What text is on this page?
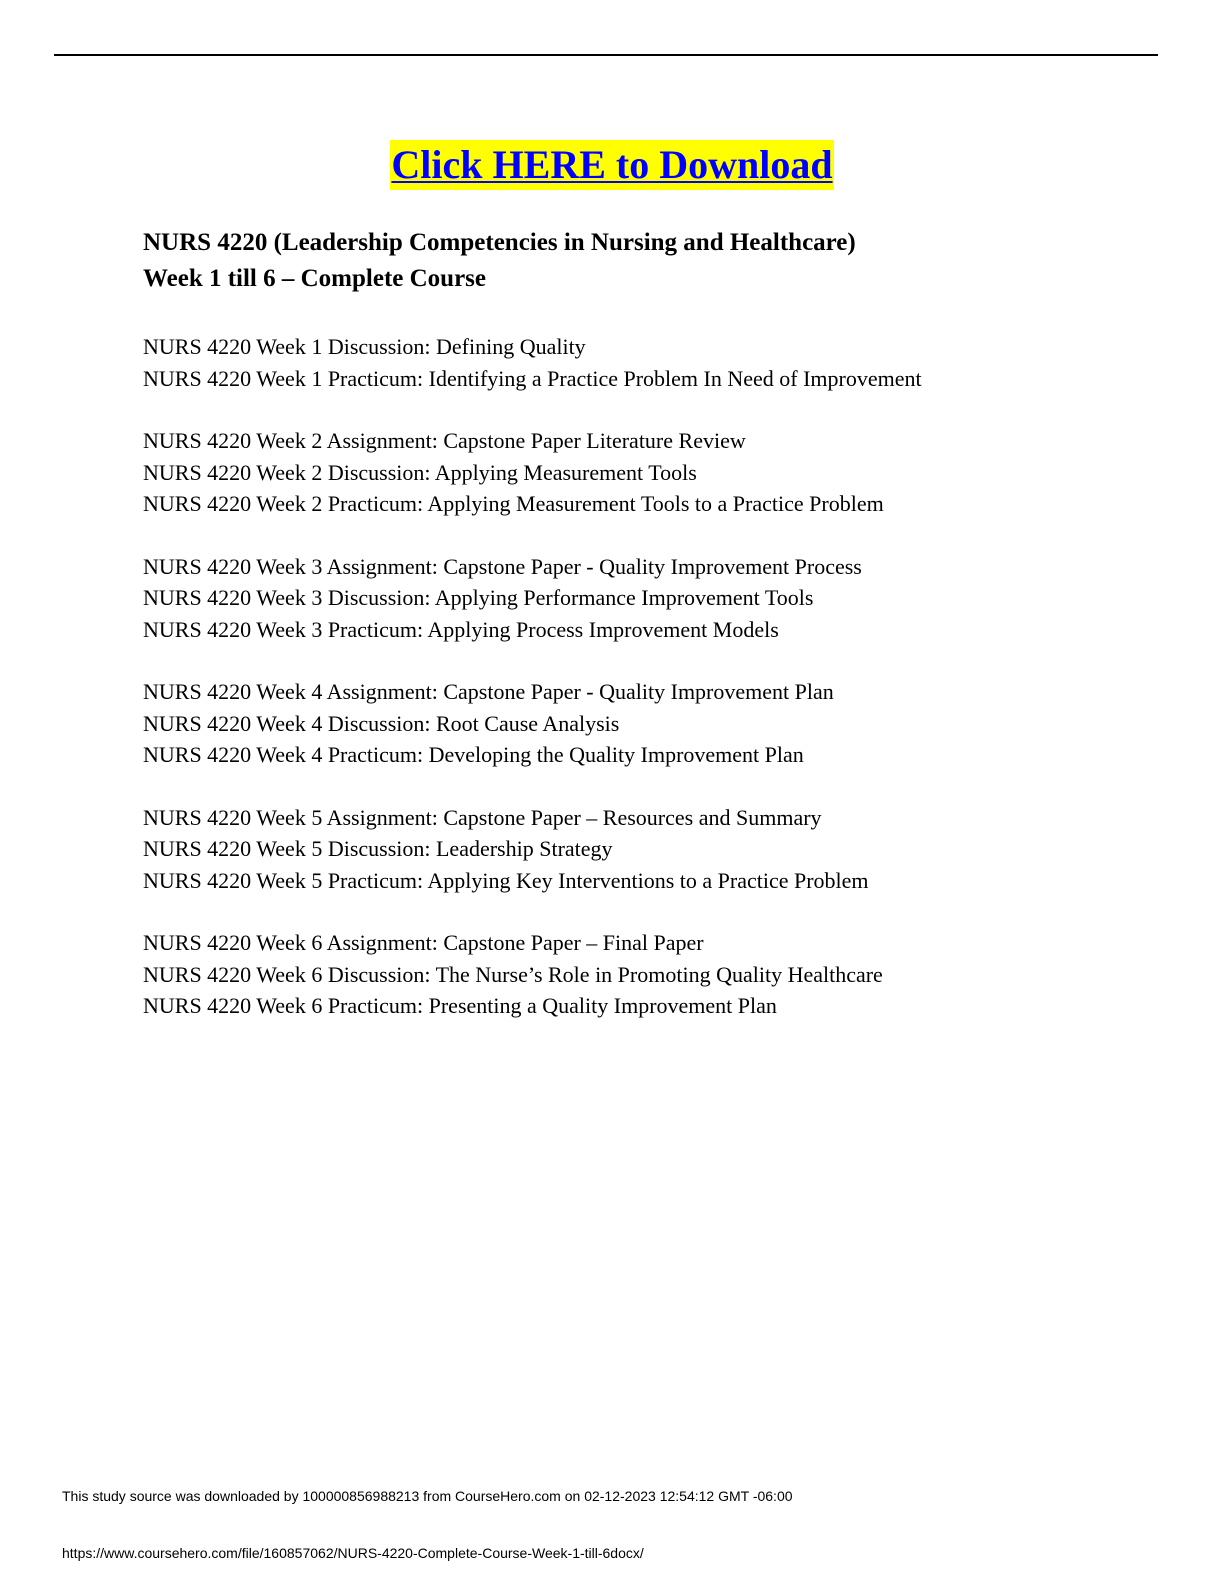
Click HERE to Download
NURS 4220 (Leadership Competencies in Nursing and Healthcare)
Week 1 till 6 – Complete Course
NURS 4220 Week 1 Discussion: Defining Quality
NURS 4220 Week 1 Practicum: Identifying a Practice Problem In Need of Improvement
NURS 4220 Week 2 Assignment: Capstone Paper Literature Review
NURS 4220 Week 2 Discussion: Applying Measurement Tools
NURS 4220 Week 2 Practicum: Applying Measurement Tools to a Practice Problem
NURS 4220 Week 3 Assignment: Capstone Paper - Quality Improvement Process
NURS 4220 Week 3 Discussion: Applying Performance Improvement Tools
NURS 4220 Week 3 Practicum: Applying Process Improvement Models
NURS 4220 Week 4 Assignment: Capstone Paper - Quality Improvement Plan
NURS 4220 Week 4 Discussion: Root Cause Analysis
NURS 4220 Week 4 Practicum: Developing the Quality Improvement Plan
NURS 4220 Week 5 Assignment: Capstone Paper – Resources and Summary
NURS 4220 Week 5 Discussion: Leadership Strategy
NURS 4220 Week 5 Practicum: Applying Key Interventions to a Practice Problem
NURS 4220 Week 6 Assignment: Capstone Paper – Final Paper
NURS 4220 Week 6 Discussion: The Nurse’s Role in Promoting Quality Healthcare
NURS 4220 Week 6 Practicum: Presenting a Quality Improvement Plan
This study source was downloaded by 100000856988213 from CourseHero.com on 02-12-2023 12:54:12 GMT -06:00
https://www.coursehero.com/file/160857062/NURS-4220-Complete-Course-Week-1-till-6docx/
